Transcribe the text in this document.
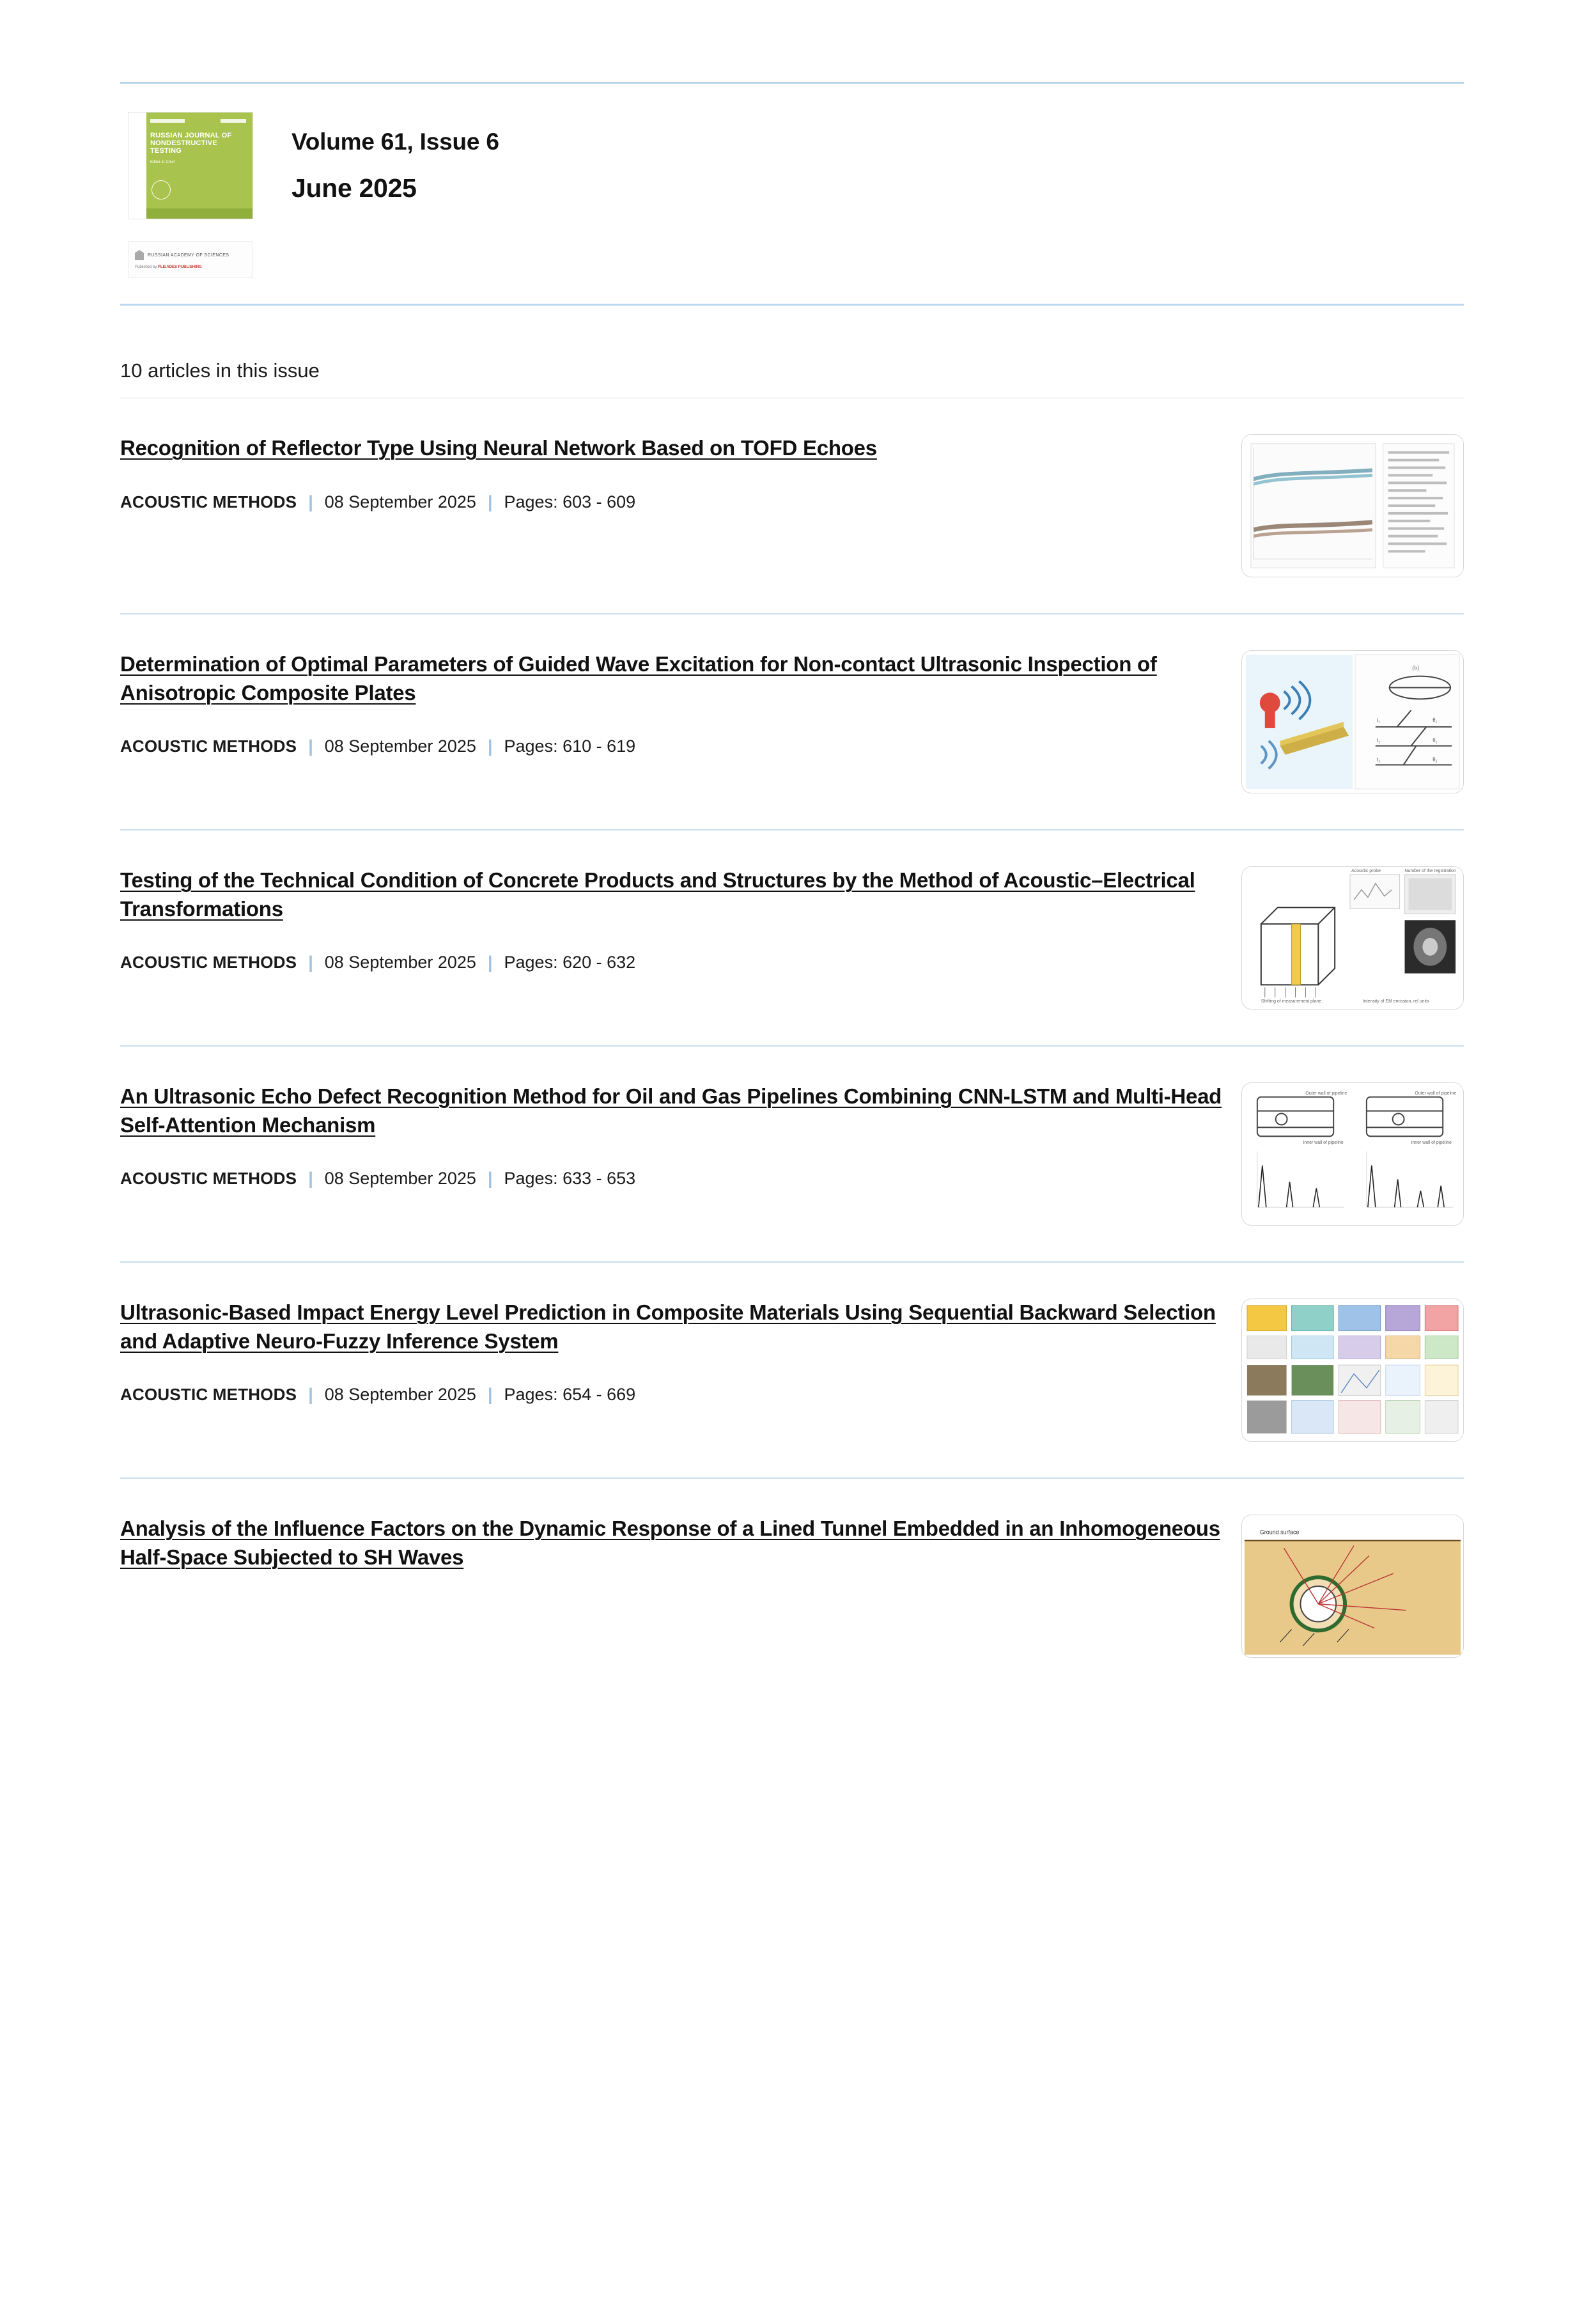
RUSSIAN JOURNAL OF NONDESTRUCTIVE TESTING
Editor-in-Chief
RUSSIAN ACADEMY OF SCIENCES
Published by PLEIADES PUBLISHING
Volume 61, Issue 6
June 2025
10 articles in this issue
Recognition of Reflector Type Using Neural Network Based on TOFD Echoes
ACOUSTIC METHODS | 08 September 2025 | Pages: 603 - 609
Determination of Optimal Parameters of Guided Wave Excitation for Non-contact Ultrasonic Inspection of Anisotropic Composite Plates
ACOUSTIC METHODS | 08 September 2025 | Pages: 610 - 619
t₁	θ₁
t₂	θ₂
t₃	θ₃
(b)
Testing of the Technical Condition of Concrete Products and Structures by the Method of Acoustic–Electrical Transformations
ACOUSTIC METHODS | 08 September 2025 | Pages: 620 - 632
Shifting of measurement plane	Intensity of EM emission, rel units
Acoustic probe	Number of the registration
An Ultrasonic Echo Defect Recognition Method for Oil and Gas Pipelines Combining CNN-LSTM and Multi-Head Self-Attention Mechanism
ACOUSTIC METHODS | 08 September 2025 | Pages: 633 - 653
Outer wall of pipeline	Outer wall of pipeline
Inner wall of pipeline	Inner wall of pipeline
Ultrasonic-Based Impact Energy Level Prediction in Composite Materials Using Sequential Backward Selection and Adaptive Neuro-Fuzzy Inference System
ACOUSTIC METHODS | 08 September 2025 | Pages: 654 - 669
Analysis of the Influence Factors on the Dynamic Response of a Lined Tunnel Embedded in an Inhomogeneous Half-Space Subjected to SH Waves
Ground surface
